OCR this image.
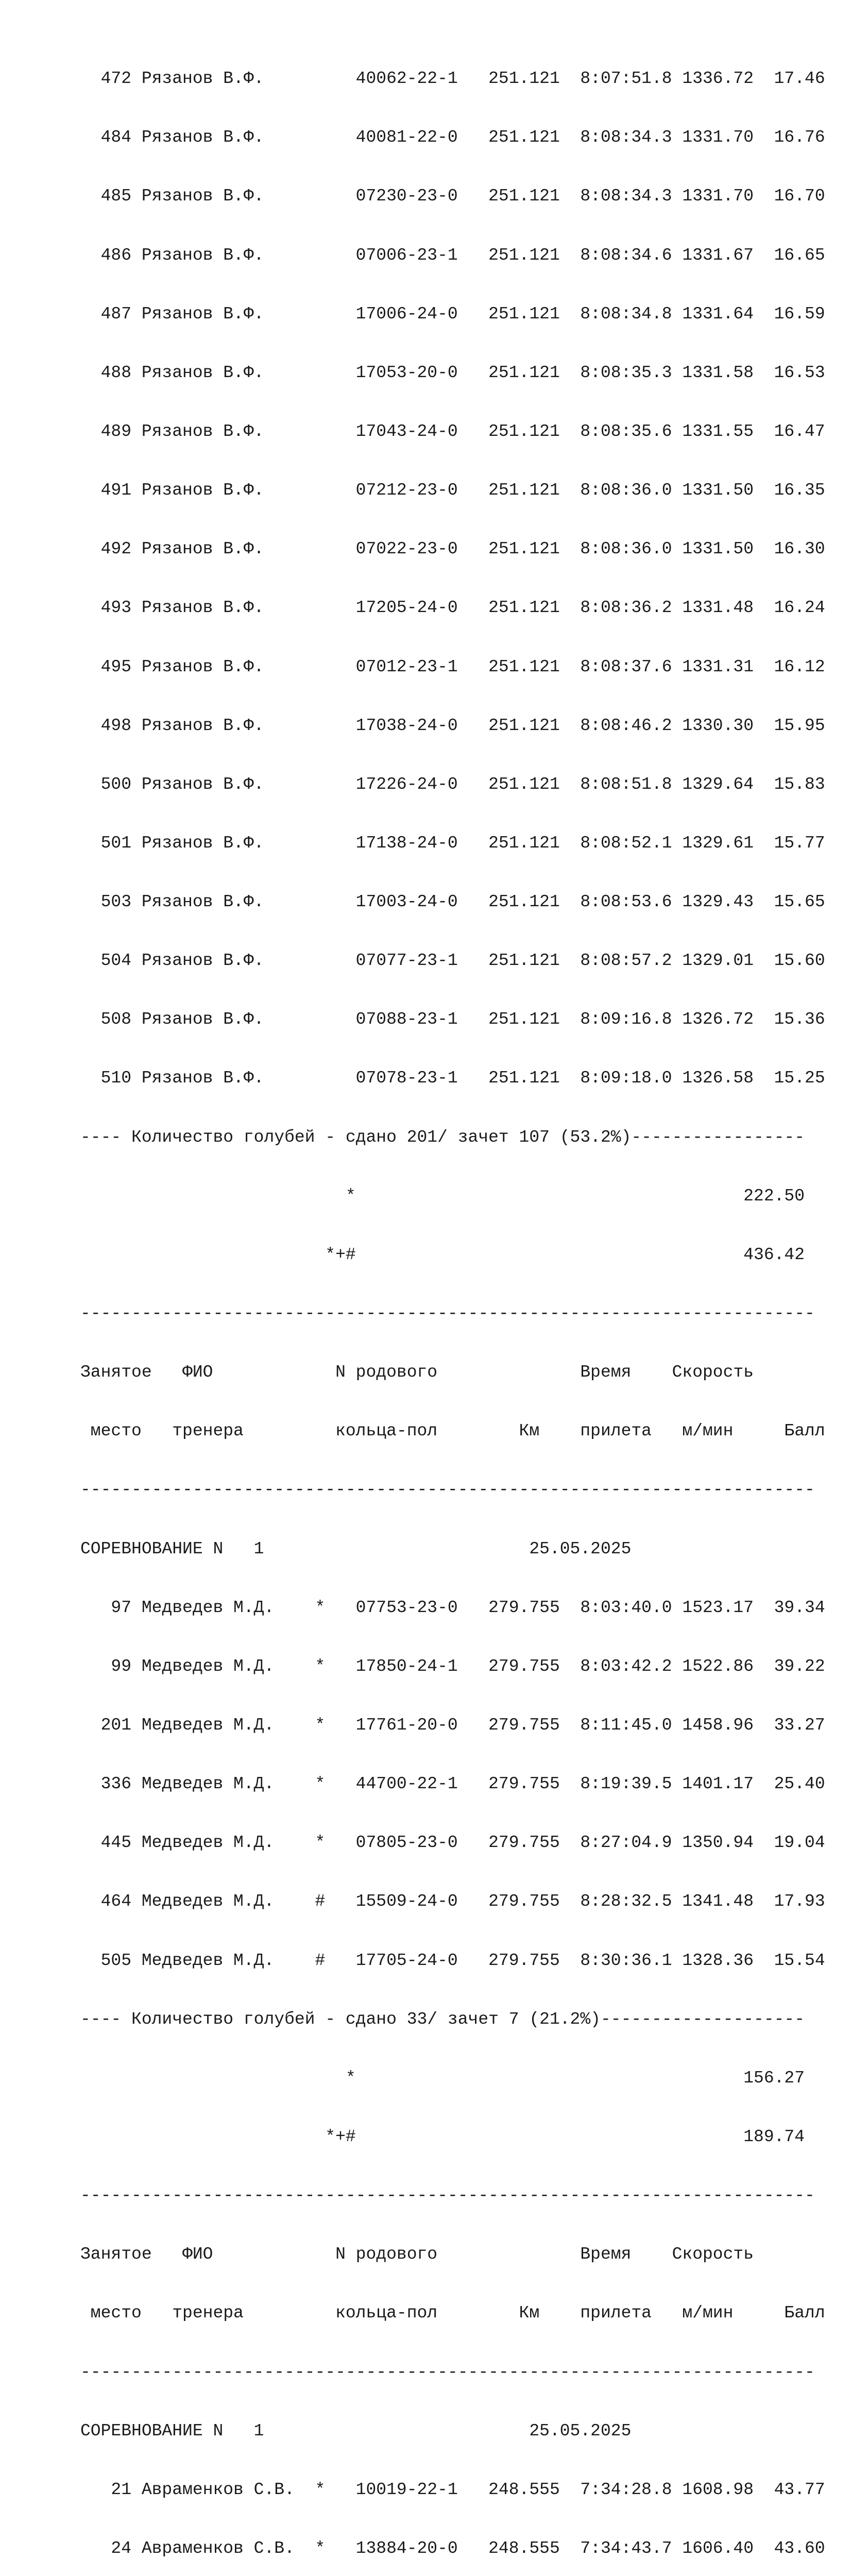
472 Рязанов В.Ф.         40062-22-1   251.121  8:07:51.8 1336.72  17.46

484 Рязанов В.Ф.         40081-22-0   251.121  8:08:34.3 1331.70  16.76

485 Рязанов В.Ф.         07230-23-0   251.121  8:08:34.3 1331.70  16.70

486 Рязанов В.Ф.         07006-23-1   251.121  8:08:34.6 1331.67  16.65

487 Рязанов В.Ф.         17006-24-0   251.121  8:08:34.8 1331.64  16.59

488 Рязанов В.Ф.         17053-20-0   251.121  8:08:35.3 1331.58  16.53

489 Рязанов В.Ф.         17043-24-0   251.121  8:08:35.6 1331.55  16.47

491 Рязанов В.Ф.         07212-23-0   251.121  8:08:36.0 1331.50  16.35

492 Рязанов В.Ф.         07022-23-0   251.121  8:08:36.0 1331.50  16.30

493 Рязанов В.Ф.         17205-24-0   251.121  8:08:36.2 1331.48  16.24

495 Рязанов В.Ф.         07012-23-1   251.121  8:08:37.6 1331.31  16.12

498 Рязанов В.Ф.         17038-24-0   251.121  8:08:46.2 1330.30  15.95

500 Рязанов В.Ф.         17226-24-0   251.121  8:08:51.8 1329.64  15.83

501 Рязанов В.Ф.         17138-24-0   251.121  8:08:52.1 1329.61  15.77

503 Рязанов В.Ф.         17003-24-0   251.121  8:08:53.6 1329.43  15.65

504 Рязанов В.Ф.         07077-23-1   251.121  8:08:57.2 1329.01  15.60

508 Рязанов В.Ф.         07088-23-1   251.121  8:09:16.8 1326.72  15.36

510 Рязанов В.Ф.         07078-23-1   251.121  8:09:18.0 1326.58  15.25

---- Количество голубей - сдано 201/ зачет 107 (53.2%)-----------------

*                                      222.50

*+#                                      436.42

------------------------------------------------------------------------

Занятое   ФИО            N родового              Время    Скорость

место   тренера         кольца-пол        Км    прилета   м/мин     Балл

------------------------------------------------------------------------

СОРЕВНОВАНИЕ N   1                          25.05.2025

97 Медведев М.Д.    *   07753-23-0   279.755  8:03:40.0 1523.17  39.34

99 Медведев М.Д.    *   17850-24-1   279.755  8:03:42.2 1522.86  39.22

201 Медведев М.Д.    *   17761-20-0   279.755  8:11:45.0 1458.96  33.27

336 Медведев М.Д.    *   44700-22-1   279.755  8:19:39.5 1401.17  25.40

445 Медведев М.Д.    *   07805-23-0   279.755  8:27:04.9 1350.94  19.04

464 Медведев М.Д.    #   15509-24-0   279.755  8:28:32.5 1341.48  17.93

505 Медведев М.Д.    #   17705-24-0   279.755  8:30:36.1 1328.36  15.54

---- Количество голубей - сдано 33/ зачет 7 (21.2%)--------------------

*                                      156.27

*+#                                      189.74

------------------------------------------------------------------------

Занятое   ФИО            N родового              Время    Скорость

место   тренера         кольца-пол        Км    прилета   м/мин     Балл

------------------------------------------------------------------------

СОРЕВНОВАНИЕ N   1                          25.05.2025

21 Авраменков С.В.  *   10019-22-1   248.555  7:34:28.8 1608.98  43.77

24 Авраменков С.В.  *   13884-20-0   248.555  7:34:43.7 1606.40  43.60
